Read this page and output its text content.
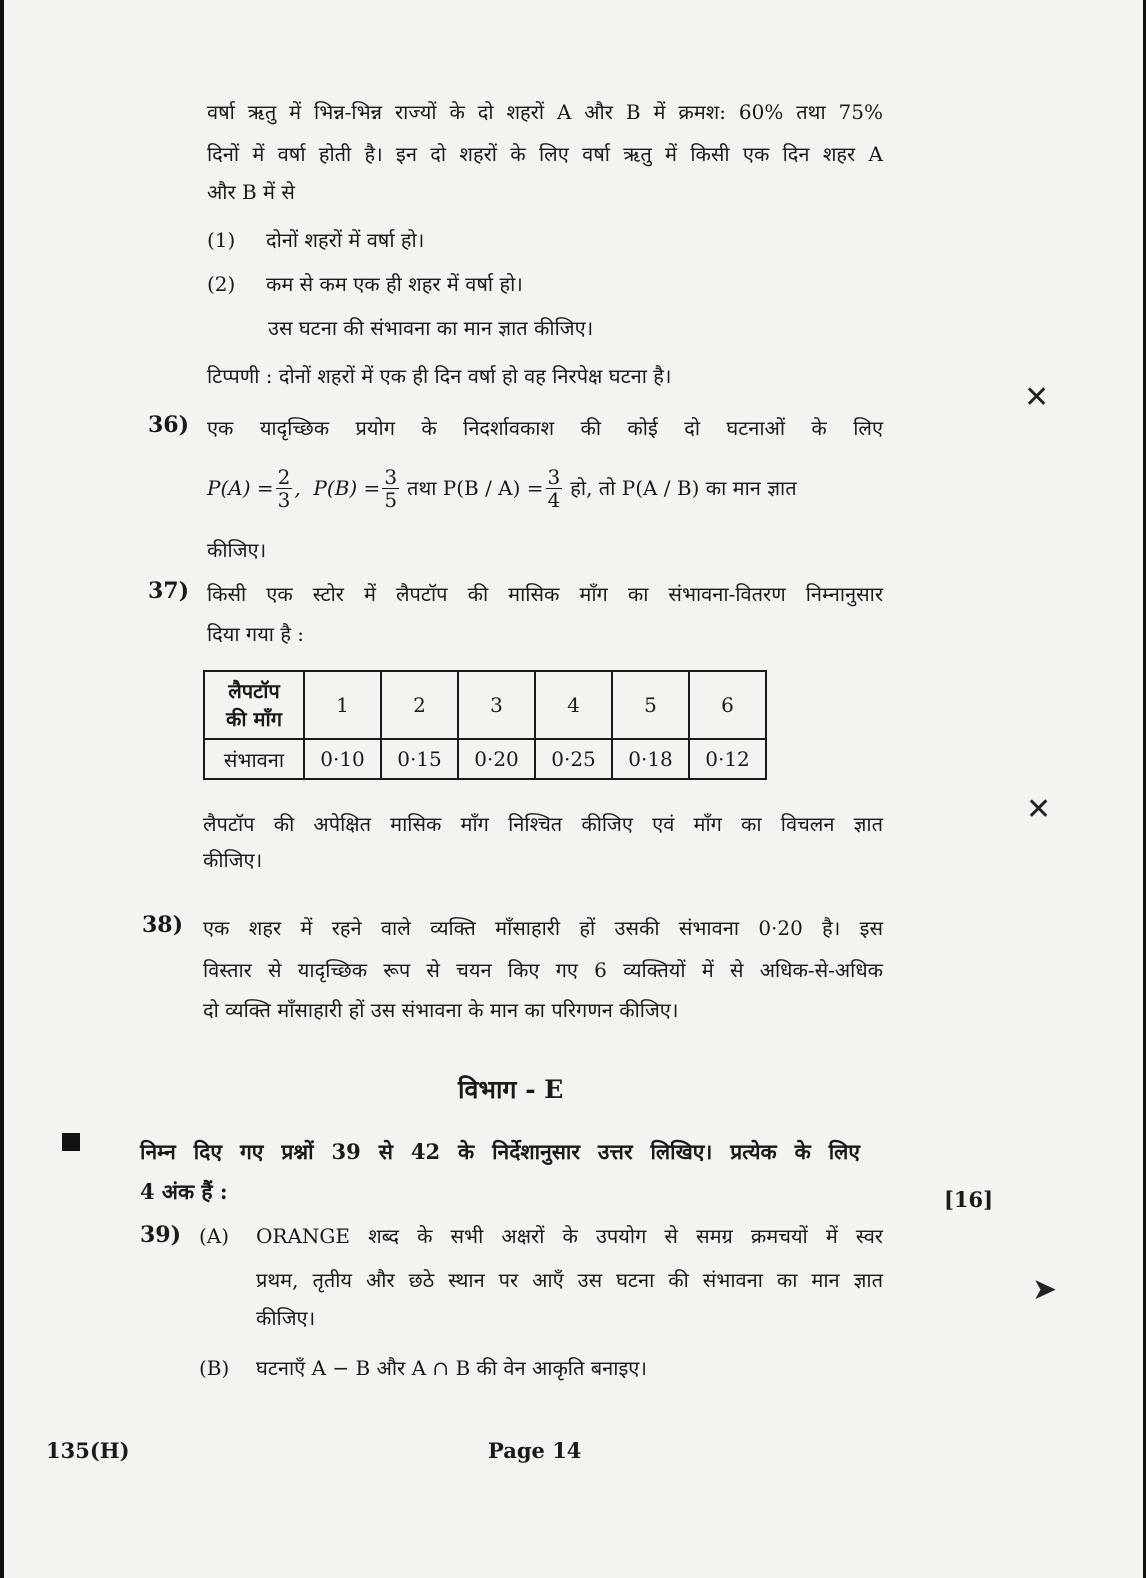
वर्षा ऋतु में भिन्न-भिन्न राज्यों के दो शहरों A और B में क्रमश: 60% तथा 75%
दिनों में वर्षा होती है। इन दो शहरों के लिए वर्षा ऋतु में किसी एक दिन शहर A
और B में से
(1) दोनों शहरों में वर्षा हो।
(2) कम से कम एक ही शहर में वर्षा हो।
उस घटना की संभावना का मान ज्ञात कीजिए।
टिप्पणी : दोनों शहरों में एक ही दिन वर्षा हो वह निरपेक्ष घटना है।
36) एक यादृच्छिक प्रयोग के निदर्शावकाश की कोई दो घटनाओं के लिए
$P(A) = \frac{2}{3}$ ,  $P(B) = \frac{3}{5}$ तथा $P(B / A) = \frac{3}{4}$ हो, तो P(A / B) का मान ज्ञात
कीजिए।
37) किसी एक स्टोर में लैपटॉप की मासिक माँग का संभावना-वितरण निम्नानुसार
दिया गया है :
लैपटॉप
की माँग	1	2	3	4	5	6
संभावना	0·10	0·15	0·20	0·25	0·18	0·12
लैपटॉप की अपेक्षित मासिक माँग निश्चित कीजिए एवं माँग का विचलन ज्ञात
कीजिए।
38) एक शहर में रहने वाले व्यक्ति माँसाहारी हों उसकी संभावना 0·20 है। इस
विस्तार से यादृच्छिक रूप से चयन किए गए 6 व्यक्तियों में से अधिक-से-अधिक
दो व्यक्ति माँसाहारी हों उस संभावना के मान का परिगणन कीजिए।
विभाग - E
निम्न दिए गए प्रश्नों 39 से 42 के निर्देशानुसार उत्तर लिखिए। प्रत्येक के लिए
4 अंक हैं :	[16]
39) (A) ORANGE शब्द के सभी अक्षरों के उपयोग से समग्र क्रमचयों में स्वर
प्रथम, तृतीय और छठे स्थान पर आएँ उस घटना की संभावना का मान ज्ञात
कीजिए।
(B) घटनाएँ A − B और A ∩ B की वेन आकृति बनाइए।
✕
✕
➤
135(H)	Page 14
